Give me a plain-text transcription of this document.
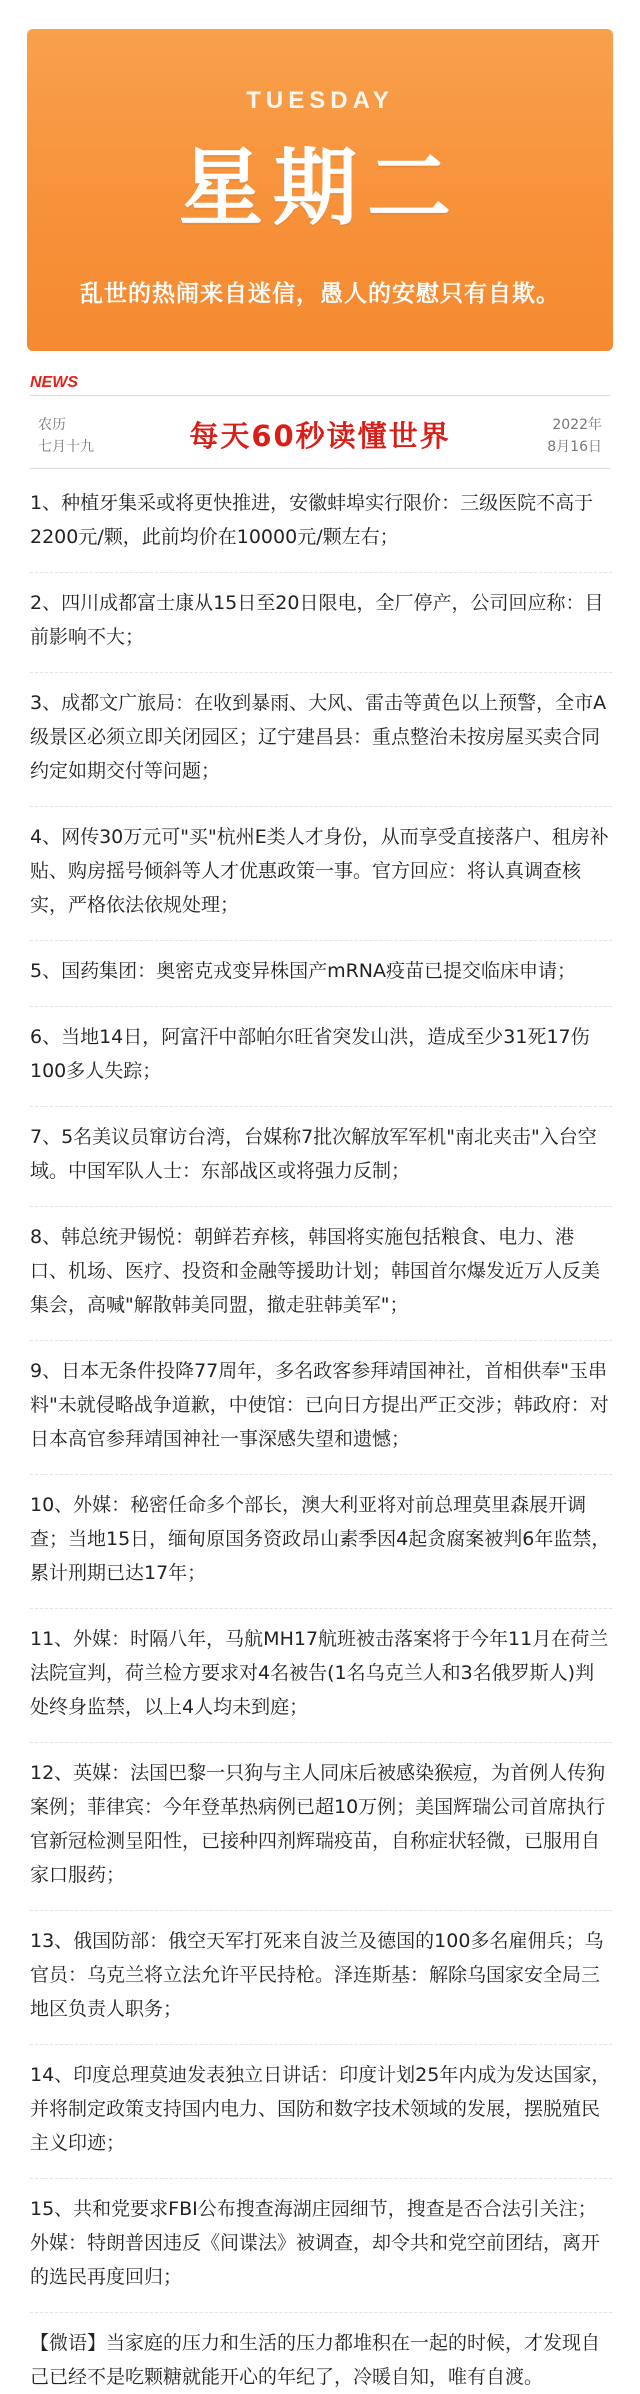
TUESDAY
星期二
乱世的热闹来自迷信，愚人的安慰只有自欺。
NEWS
农历
七月十九	每天60秒读懂世界	2022年
8月16日
1、种植牙集采或将更快推进，安徽蚌埠实行限价：三级医院不高于2200元/颗，此前均价在10000元/颗左右；
2、四川成都富士康从15日至20日限电，全厂停产，公司回应称：目前影响不大；
3、成都文广旅局：在收到暴雨、大风、雷击等黄色以上预警，全市A级景区必须立即关闭园区；辽宁建昌县：重点整治未按房屋买卖合同约定如期交付等问题；
4、网传30万元可"买"杭州E类人才身份，从而享受直接落户、租房补贴、购房摇号倾斜等人才优惠政策一事。官方回应：将认真调查核实，严格依法依规处理；
5、国药集团：奥密克戎变异株国产mRNA疫苗已提交临床申请；
6、当地14日，阿富汗中部帕尔旺省突发山洪，造成至少31死17伤100多人失踪；
7、5名美议员窜访台湾，台媒称7批次解放军军机"南北夹击"入台空域。中国军队人士：东部战区或将强力反制；
8、韩总统尹锡悦：朝鲜若弃核，韩国将实施包括粮食、电力、港口、机场、医疗、投资和金融等援助计划；韩国首尔爆发近万人反美集会，高喊"解散韩美同盟，撤走驻韩美军"；
9、日本无条件投降77周年，多名政客参拜靖国神社，首相供奉"玉串料"未就侵略战争道歉，中使馆：已向日方提出严正交涉；韩政府：对日本高官参拜靖国神社一事深感失望和遗憾；
10、外媒：秘密任命多个部长，澳大利亚将对前总理莫里森展开调查；当地15日，缅甸原国务资政昂山素季因4起贪腐案被判6年监禁，累计刑期已达17年；
11、外媒：时隔八年，马航MH17航班被击落案将于今年11月在荷兰法院宣判，荷兰检方要求对4名被告(1名乌克兰人和3名俄罗斯人)判处终身监禁，以上4人均未到庭；
12、英媒：法国巴黎一只狗与主人同床后被感染猴痘，为首例人传狗案例；菲律宾：今年登革热病例已超10万例；美国辉瑞公司首席执行官新冠检测呈阳性，已接种四剂辉瑞疫苗，自称症状轻微，已服用自家口服药；
13、俄国防部：俄空天军打死来自波兰及德国的100多名雇佣兵；乌官员：乌克兰将立法允许平民持枪。泽连斯基：解除乌国家安全局三地区负责人职务；
14、印度总理莫迪发表独立日讲话：印度计划25年内成为发达国家，并将制定政策支持国内电力、国防和数字技术领域的发展，摆脱殖民主义印迹；
15、共和党要求FBI公布搜查海湖庄园细节，搜查是否合法引关注；外媒：特朗普因违反《间谍法》被调查，却令共和党空前团结，离开的选民再度回归；
【微语】当家庭的压力和生活的压力都堆积在一起的时候，才发现自己已经不是吃颗糖就能开心的年纪了，冷暖自知，唯有自渡。
